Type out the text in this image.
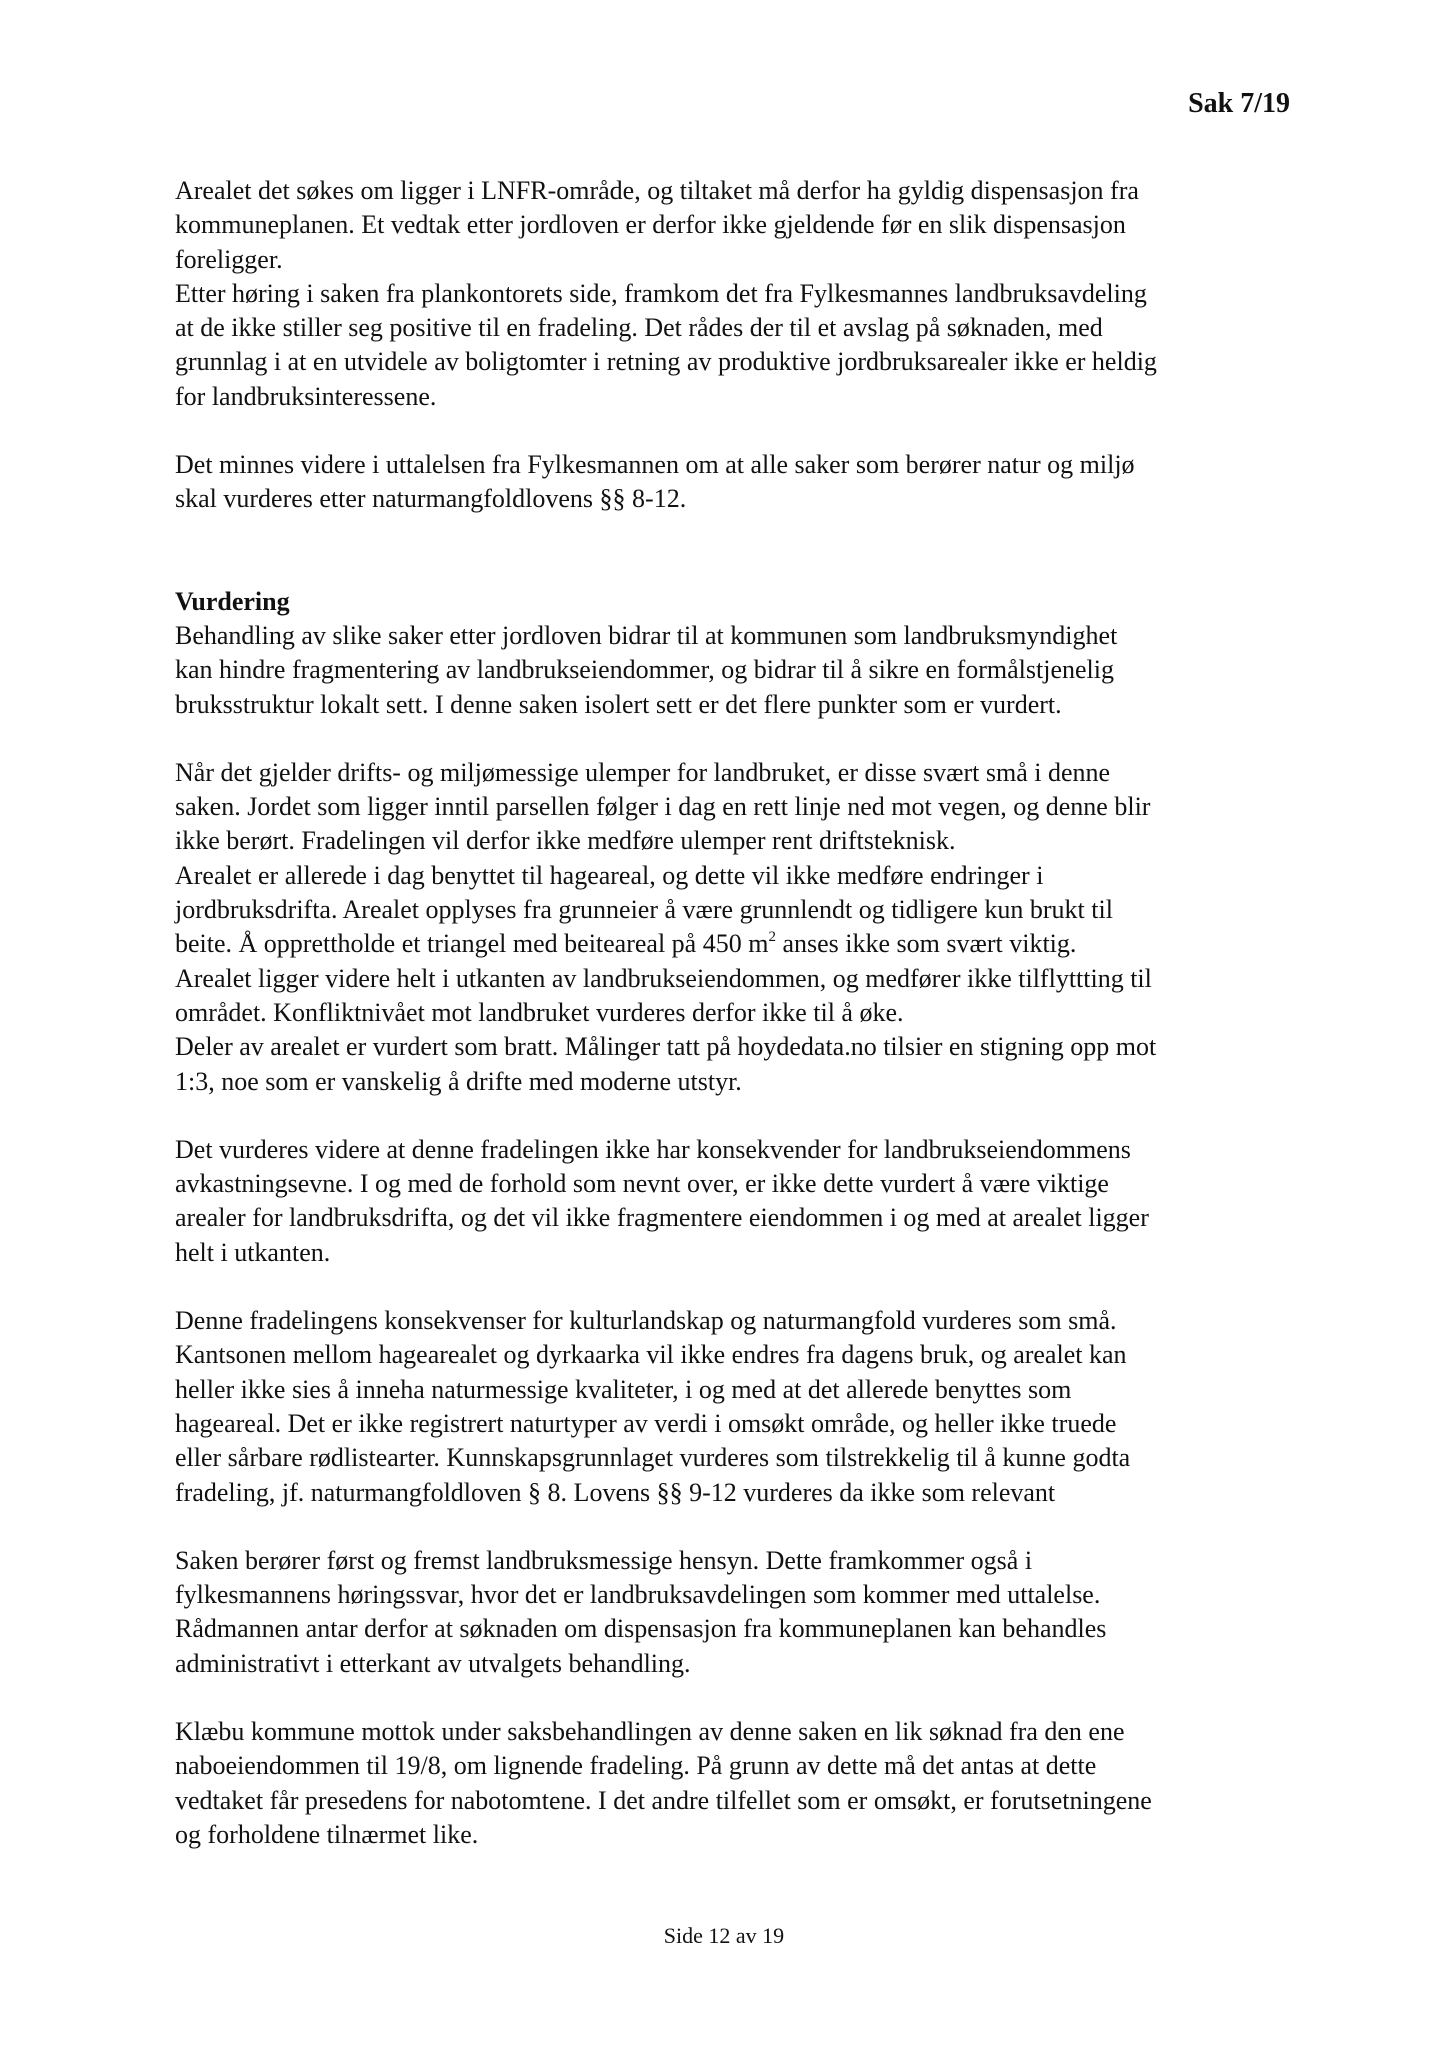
Sak 7/19

Arealet det søkes om ligger i LNFR-område, og tiltaket må derfor ha gyldig dispensasjon fra
kommuneplanen. Et vedtak etter jordloven er derfor ikke gjeldende før en slik dispensasjon
foreligger.
Etter høring i saken fra plankontorets side, framkom det fra Fylkesmannes landbruksavdeling
at de ikke stiller seg positive til en fradeling. Det rådes der til et avslag på søknaden, med
grunnlag i at en utvidele av boligtomter i retning av produktive jordbruksarealer ikke er heldig
for landbruksinteressene.

Det minnes videre i uttalelsen fra Fylkesmannen om at alle saker som berører natur og miljø
skal vurderes etter naturmangfoldlovens §§ 8-12.

Vurdering

Behandling av slike saker etter jordloven bidrar til at kommunen som landbruksmyndighet
kan hindre fragmentering av landbrukseiendommer, og bidrar til å sikre en formålstjenelig
bruksstruktur lokalt sett. I denne saken isolert sett er det flere punkter som er vurdert.

Når det gjelder drifts- og miljømessige ulemper for landbruket, er disse svært små i denne
saken. Jordet som ligger inntil parsellen følger i dag en rett linje ned mot vegen, og denne blir
ikke berørt. Fradelingen vil derfor ikke medføre ulemper rent driftsteknisk.
Arealet er allerede i dag benyttet til hageareal, og dette vil ikke medføre endringer i
jordbruksdrifta. Arealet opplyses fra grunneier å være grunnlendt og tidligere kun brukt til
beite. Å opprettholde et triangel med beiteareal på 450 $m^2$ anses ikke som svært viktig.
Arealet ligger videre helt i utkanten av landbrukseiendommen, og medfører ikke tilflyttting til
området. Konfliktnivået mot landbruket vurderes derfor ikke til å øke.
Deler av arealet er vurdert som bratt. Målinger tatt på hoydedata.no tilsier en stigning opp mot
1:3, noe som er vanskelig å drifte med moderne utstyr.

Det vurderes videre at denne fradelingen ikke har konsekvender for landbrukseiendommens
avkastningsevne. I og med de forhold som nevnt over, er ikke dette vurdert å være viktige
arealer for landbruksdrifta, og det vil ikke fragmentere eiendommen i og med at arealet ligger
helt i utkanten.

Denne fradelingens konsekvenser for kulturlandskap og naturmangfold vurderes som små.
Kantsonen mellom hagearealet og dyrkaarka vil ikke endres fra dagens bruk, og arealet kan
heller ikke sies å inneha naturmessige kvaliteter, i og med at det allerede benyttes som
hageareal. Det er ikke registrert naturtyper av verdi i omsøkt område, og heller ikke truede
eller sårbare rødlistearter. Kunnskapsgrunnlaget vurderes som tilstrekkelig til å kunne godta
fradeling, jf. naturmangfoldloven § 8. Lovens §§ 9-12 vurderes da ikke som relevant

Saken berører først og fremst landbruksmessige hensyn. Dette framkommer også i
fylkesmannens høringssvar, hvor det er landbruksavdelingen som kommer med uttalelse.
Rådmannen antar derfor at søknaden om dispensasjon fra kommuneplanen kan behandles
administrativt i etterkant av utvalgets behandling.

Klæbu kommune mottok under saksbehandlingen av denne saken en lik søknad fra den ene
naboeiendommen til 19/8, om lignende fradeling. På grunn av dette må det antas at dette
vedtaket får presedens for nabotomtene. I det andre tilfellet som er omsøkt, er forutsetningene
og forholdene tilnærmet like.

Side 12 av 19
